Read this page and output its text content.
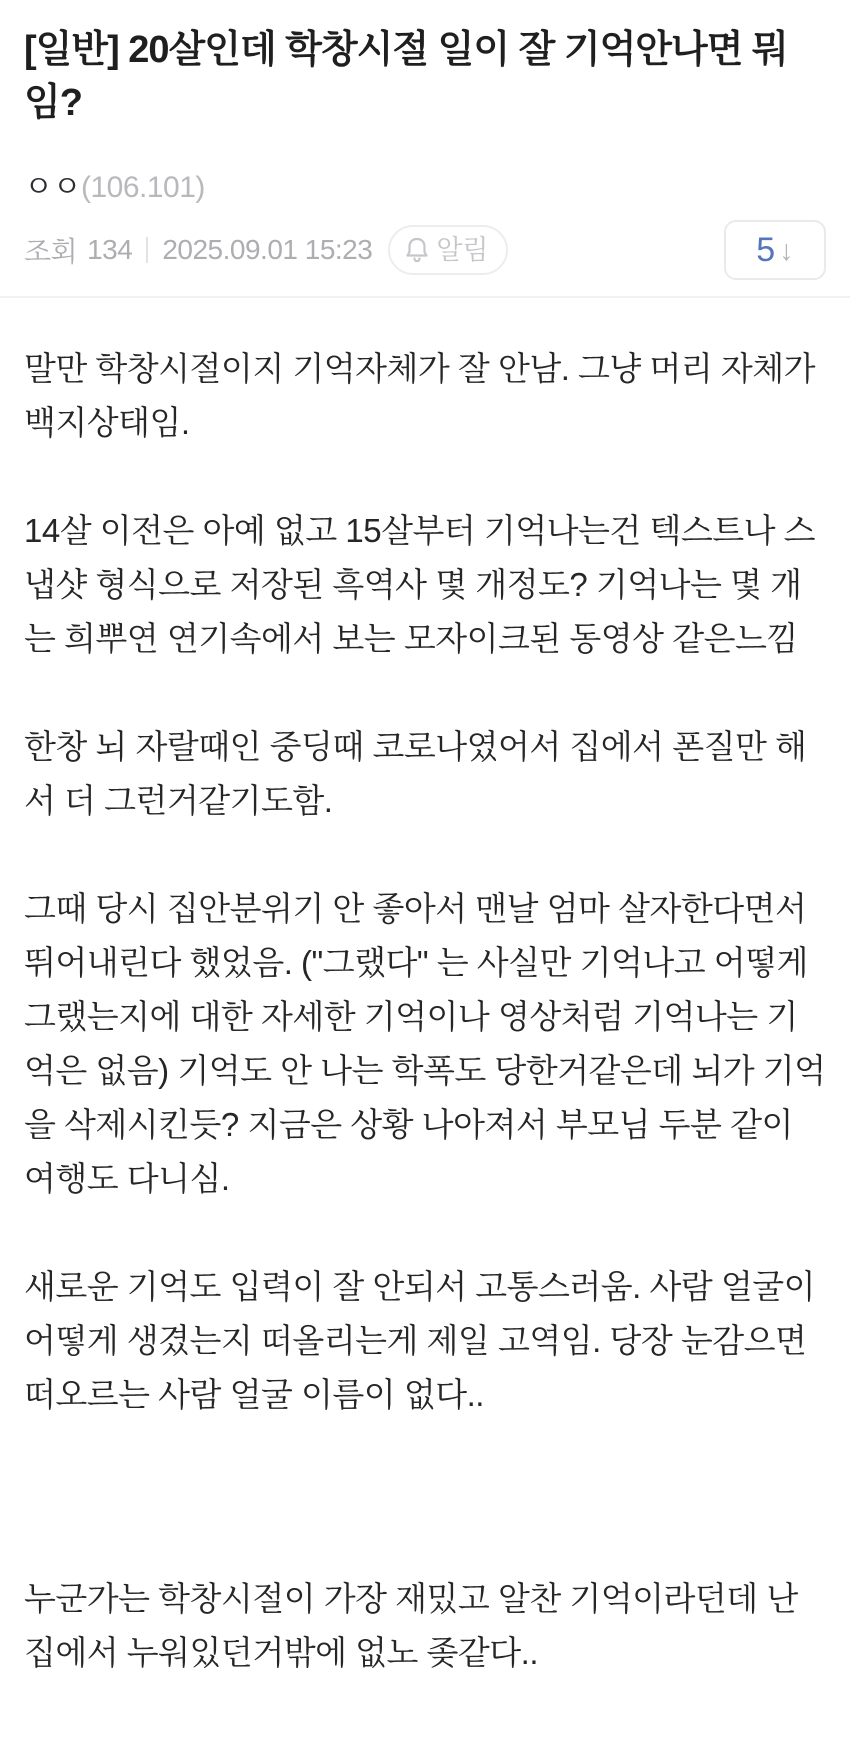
[일반] 20살인데 학창시절 일이 잘 기억안나면 뭐임?
ㅇㅇ (106.101)
조회 134 2025.09.01 15:23 알림	5 ↓

말만 학창시절이지 기억자체가 잘 안남. 그냥 머리 자체가 백지상태임.

14살 이전은 아예 없고 15살부터 기억나는건 텍스트나 스냅샷 형식으로 저장된 흑역사 몇 개정도? 기억나는 몇 개는 희뿌연 연기속에서 보는 모자이크된 동영상 같은느낌

한창 뇌 자랄때인 중딩때 코로나였어서 집에서 폰질만 해서 더 그런거같기도함.

그때 당시 집안분위기 안 좋아서 맨날 엄마 살자한다면서 뛰어내린다 했었음. ("그랬다" 는 사실만 기억나고 어떻게 그랬는지에 대한 자세한 기억이나 영상처럼 기억나는 기억은 없음) 기억도 안 나는 학폭도 당한거같은데 뇌가 기억을 삭제시킨듯? 지금은 상황 나아져서 부모님 두분 같이 여행도 다니심.

새로운 기억도 입력이 잘 안되서 고통스러움. 사람 얼굴이 어떻게 생겼는지 떠올리는게 제일 고역임. 당장 눈감으면 떠오르는 사람 얼굴 이름이 없다..

누군가는 학창시절이 가장 재밌고 알찬 기억이라던데 난 집에서 누워있던거밖에 없노 좆같다..
